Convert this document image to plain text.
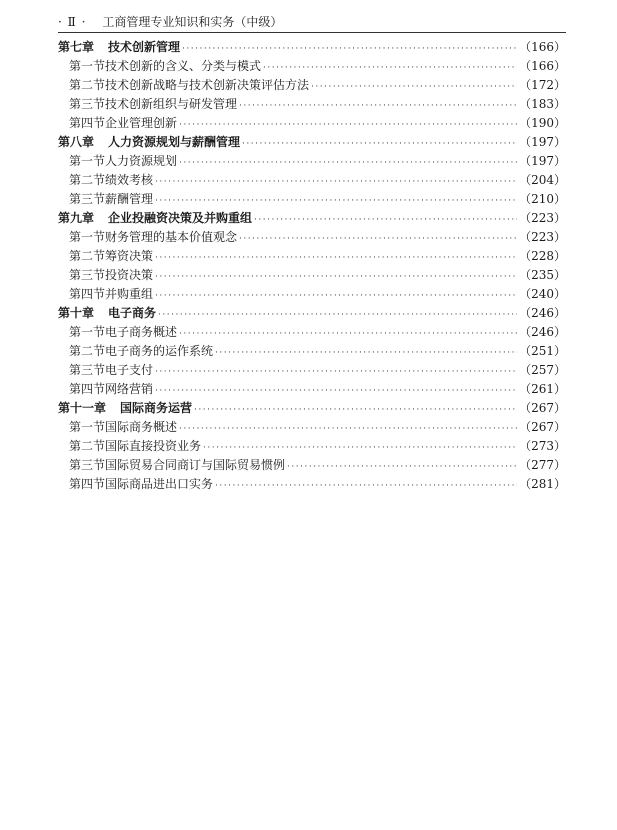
· Ⅱ · 工商管理专业知识和实务（中级）
第七章 技术创新管理 ·····	（166）
第一节 技术创新的含义、分类与模式 ·····	（166）
第二节 技术创新战略与技术创新决策评估方法 ·····	（172）
第三节 技术创新组织与研发管理 ·····	（183）
第四节 企业管理创新 ·····	（190）
第八章 人力资源规划与薪酬管理 ·····	（197）
第一节 人力资源规划 ·····	（197）
第二节 绩效考核 ·····	（204）
第三节 薪酬管理 ·····	（210）
第九章 企业投融资决策及并购重组 ·····	（223）
第一节 财务管理的基本价值观念 ·····	（223）
第二节 筹资决策 ·····	（228）
第三节 投资决策 ·····	（235）
第四节 并购重组 ·····	（240）
第十章 电子商务 ·····	（246）
第一节 电子商务概述 ·····	（246）
第二节 电子商务的运作系统 ·····	（251）
第三节 电子支付 ·····	（257）
第四节 网络营销 ·····	（261）
第十一章 国际商务运营 ·····	（267）
第一节 国际商务概述 ·····	（267）
第二节 国际直接投资业务 ·····	（273）
第三节 国际贸易合同商订与国际贸易惯例 ·····	（277）
第四节 国际商品进出口实务 ·····	（281）
